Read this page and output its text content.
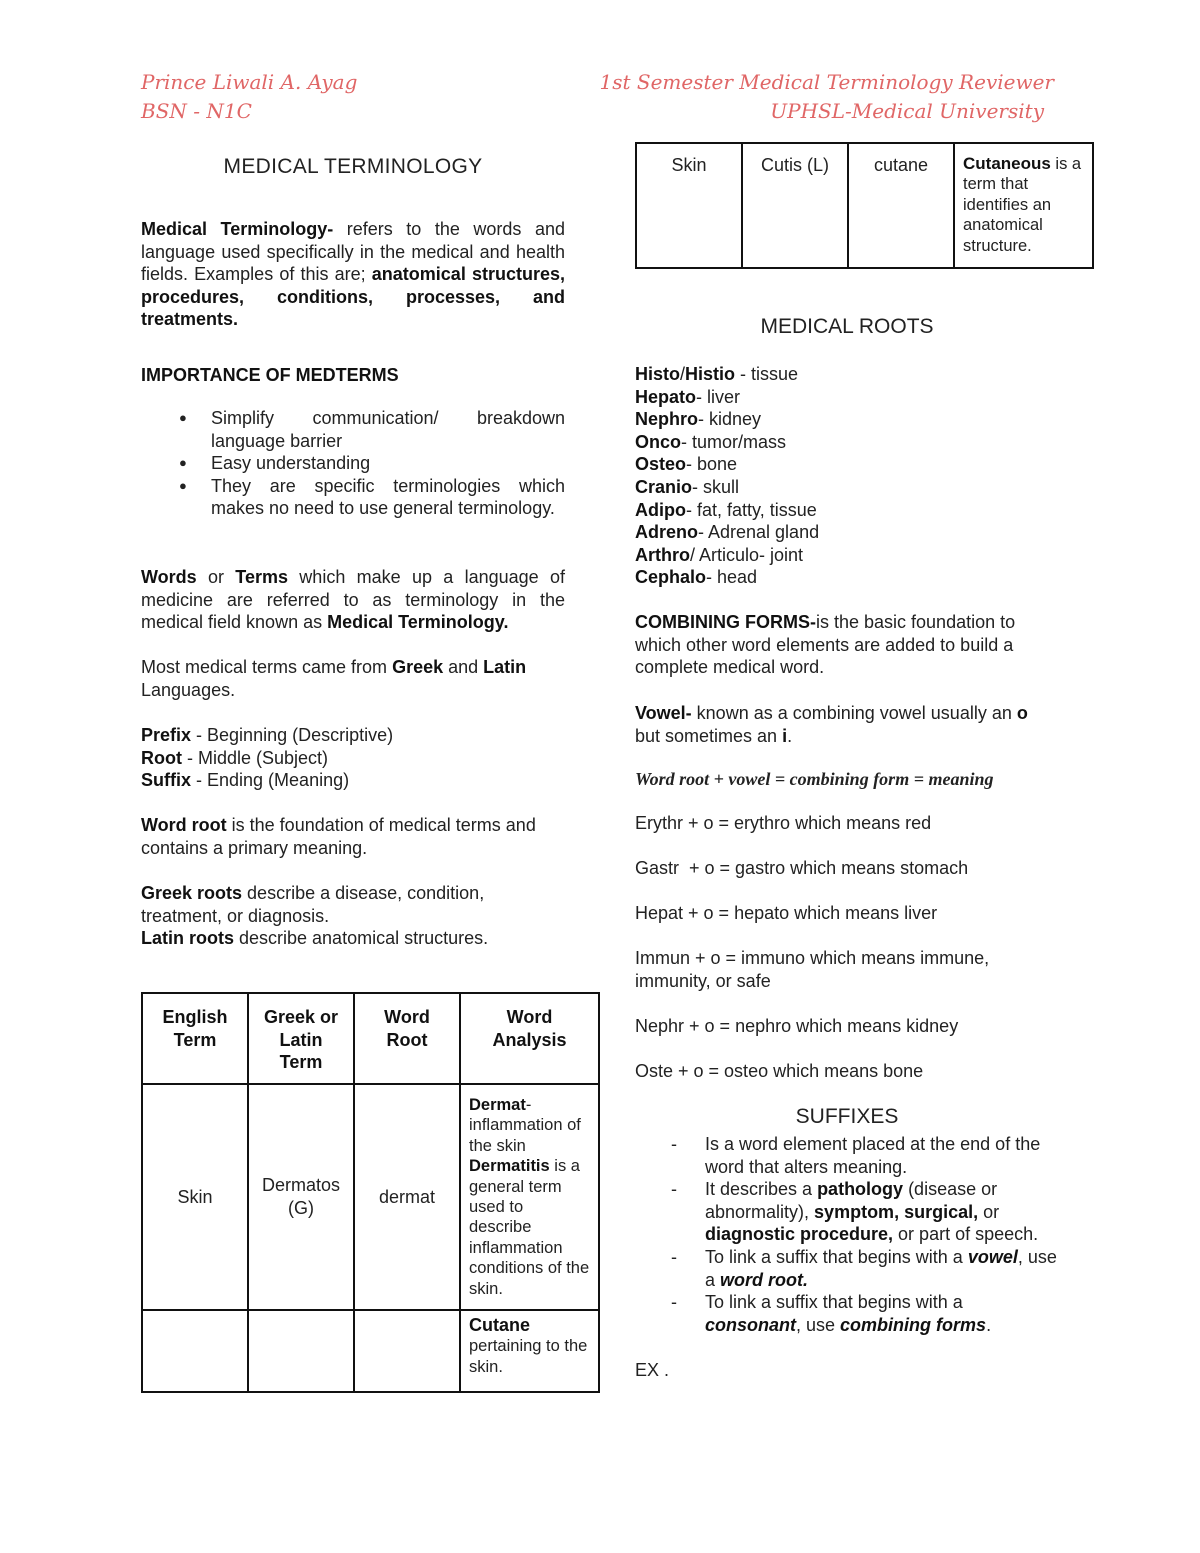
Prince Liwali A. Ayag
BSN - N1C
1st Semester Medical Terminology Reviewer
UPHSL-Medical University
MEDICAL TERMINOLOGY

Medical Terminology- refers to the words and language used specifically in the medical and health fields. Examples of this are; anatomical structures, procedures, conditions, processes, and treatments.

IMPORTANCE OF MEDTERMS

● Simplify communication/ breakdown language barrier
● Easy understanding
● They are specific terminologies which makes no need to use general terminology.

Words or Terms which make up a language of medicine are referred to as terminology in the medical field known as Medical Terminology.

Most medical terms came from Greek and Latin Languages.

Prefix - Beginning (Descriptive)

Root - Middle (Subject)

Suffix - Ending (Meaning)

Word root is the foundation of medical terms and contains a primary meaning.

Greek roots describe a disease, condition, treatment, or diagnosis.

Latin roots describe anatomical structures.

English Term	Greek or Latin Term	Word Root	Word Analysis
Skin	Dermatos (G)	dermat	Dermat- inflammation of the skin Dermatitis is a general term used to describe inflammation conditions of the skin.
			Cutane
pertaining to the skin.
Skin	Cutis (L)	cutane	Cutaneous is a term that identifies an anatomical structure.
MEDICAL ROOTS

Histo/Histio - tissue

Hepato- liver

Nephro- kidney

Onco- tumor/mass

Osteo- bone

Cranio- skull

Adipo- fat, fatty, tissue

Adreno- Adrenal gland

Arthro/ Articulo- joint

Cephalo- head

COMBINING FORMS-is the basic foundation to which other word elements are added to build a complete medical word.

Vowel- known as a combining vowel usually an o but sometimes an i.

Word root + vowel = combining form = meaning

Erythr + o = erythro which means red

Gastr  + o = gastro which means stomach

Hepat + o = hepato which means liver

Immun + o = immuno which means immune, immunity, or safe

Nephr + o = nephro which means kidney

Oste + o = osteo which means bone

SUFFIXES
- Is a word element placed at the end of the word that alters meaning.
- It describes a pathology (disease or abnormality), symptom, surgical, or diagnostic procedure, or part of speech.
- To link a suffix that begins with a vowel, use a word root.
- To link a suffix that begins with a consonant, use combining forms.

EX .
